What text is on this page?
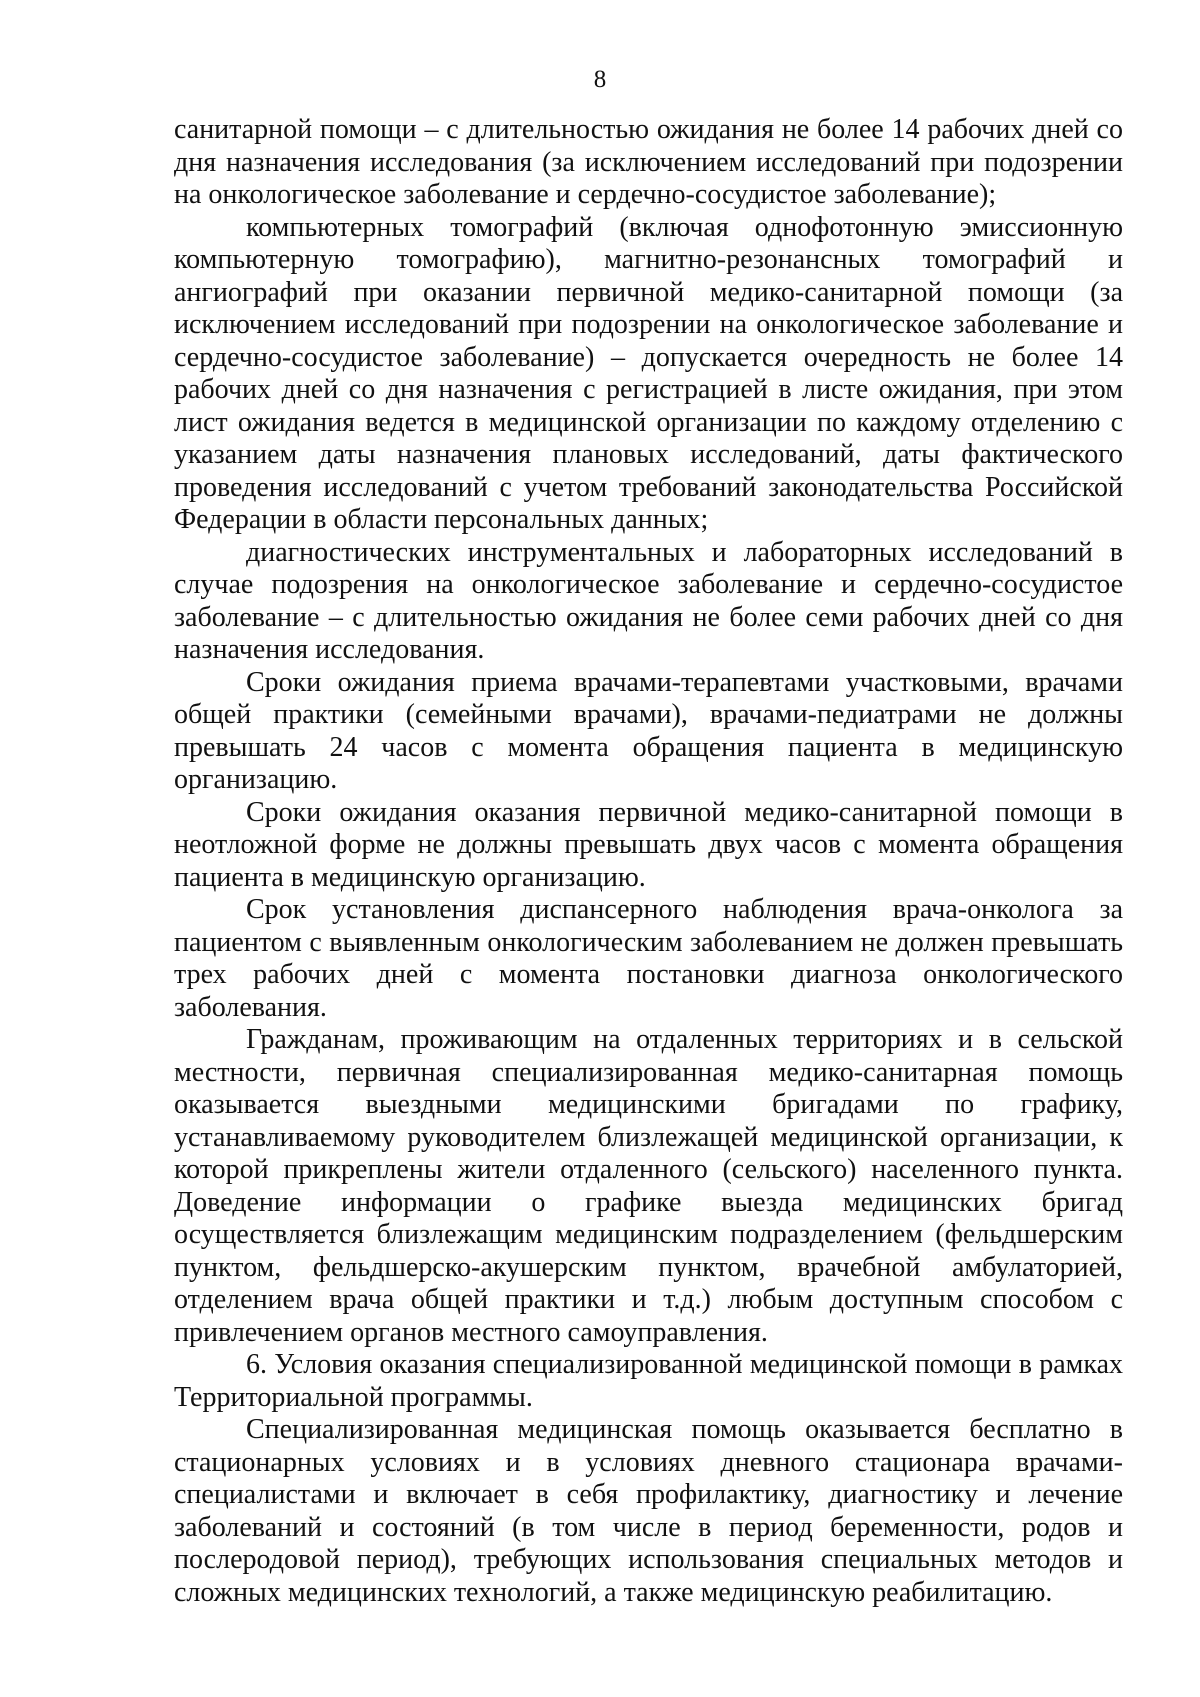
8

санитарной помощи – с длительностью ожидания не более 14 рабочих дней со дня назначения исследования (за исключением исследований при подозрении на онкологическое заболевание и сердечно-сосудистое заболевание);

компьютерных томографий (включая однофотонную эмиссионную компьютерную томографию), магнитно-резонансных томографий и ангиографий при оказании первичной медико-санитарной помощи (за исключением исследований при подозрении на онкологическое заболевание и сердечно-сосудистое заболевание) – допускается очередность не более 14 рабочих дней со дня назначения с регистрацией в листе ожидания, при этом лист ожидания ведется в медицинской организации по каждому отделению с указанием даты назначения плановых исследований, даты фактического проведения исследований с учетом требований законодательства Российской Федерации в области персональных данных;

диагностических инструментальных и лабораторных исследований в случае подозрения на онкологическое заболевание и сердечно-сосудистое заболевание – с длительностью ожидания не более семи рабочих дней со дня назначения исследования.

Сроки ожидания приема врачами-терапевтами участковыми, врачами общей практики (семейными врачами), врачами-педиатрами не должны превышать 24 часов с момента обращения пациента в медицинскую организацию.

Сроки ожидания оказания первичной медико-санитарной помощи в неотложной форме не должны превышать двух часов с момента обращения пациента в медицинскую организацию.

Срок установления диспансерного наблюдения врача-онколога за пациентом с выявленным онкологическим заболеванием не должен превышать трех рабочих дней с момента постановки диагноза онкологического заболевания.

Гражданам, проживающим на отдаленных территориях и в сельской местности, первичная специализированная медико-санитарная помощь оказывается выездными медицинскими бригадами по графику, устанавливаемому руководителем близлежащей медицинской организации, к которой прикреплены жители отдаленного (сельского) населенного пункта. Доведение информации о графике выезда медицинских бригад осуществляется близлежащим медицинским подразделением (фельдшерским пунктом, фельдшерско-акушерским пунктом, врачебной амбулаторией, отделением врача общей практики и т.д.) любым доступным способом с привлечением органов местного самоуправления.

6. Условия оказания специализированной медицинской помощи в рамках Территориальной программы.

Специализированная медицинская помощь оказывается бесплатно в стационарных условиях и в условиях дневного стационара врачами-специалистами и включает в себя профилактику, диагностику и лечение заболеваний и состояний (в том числе в период беременности, родов и послеродовой период), требующих использования специальных методов и сложных медицинских технологий, а также медицинскую реабилитацию.
